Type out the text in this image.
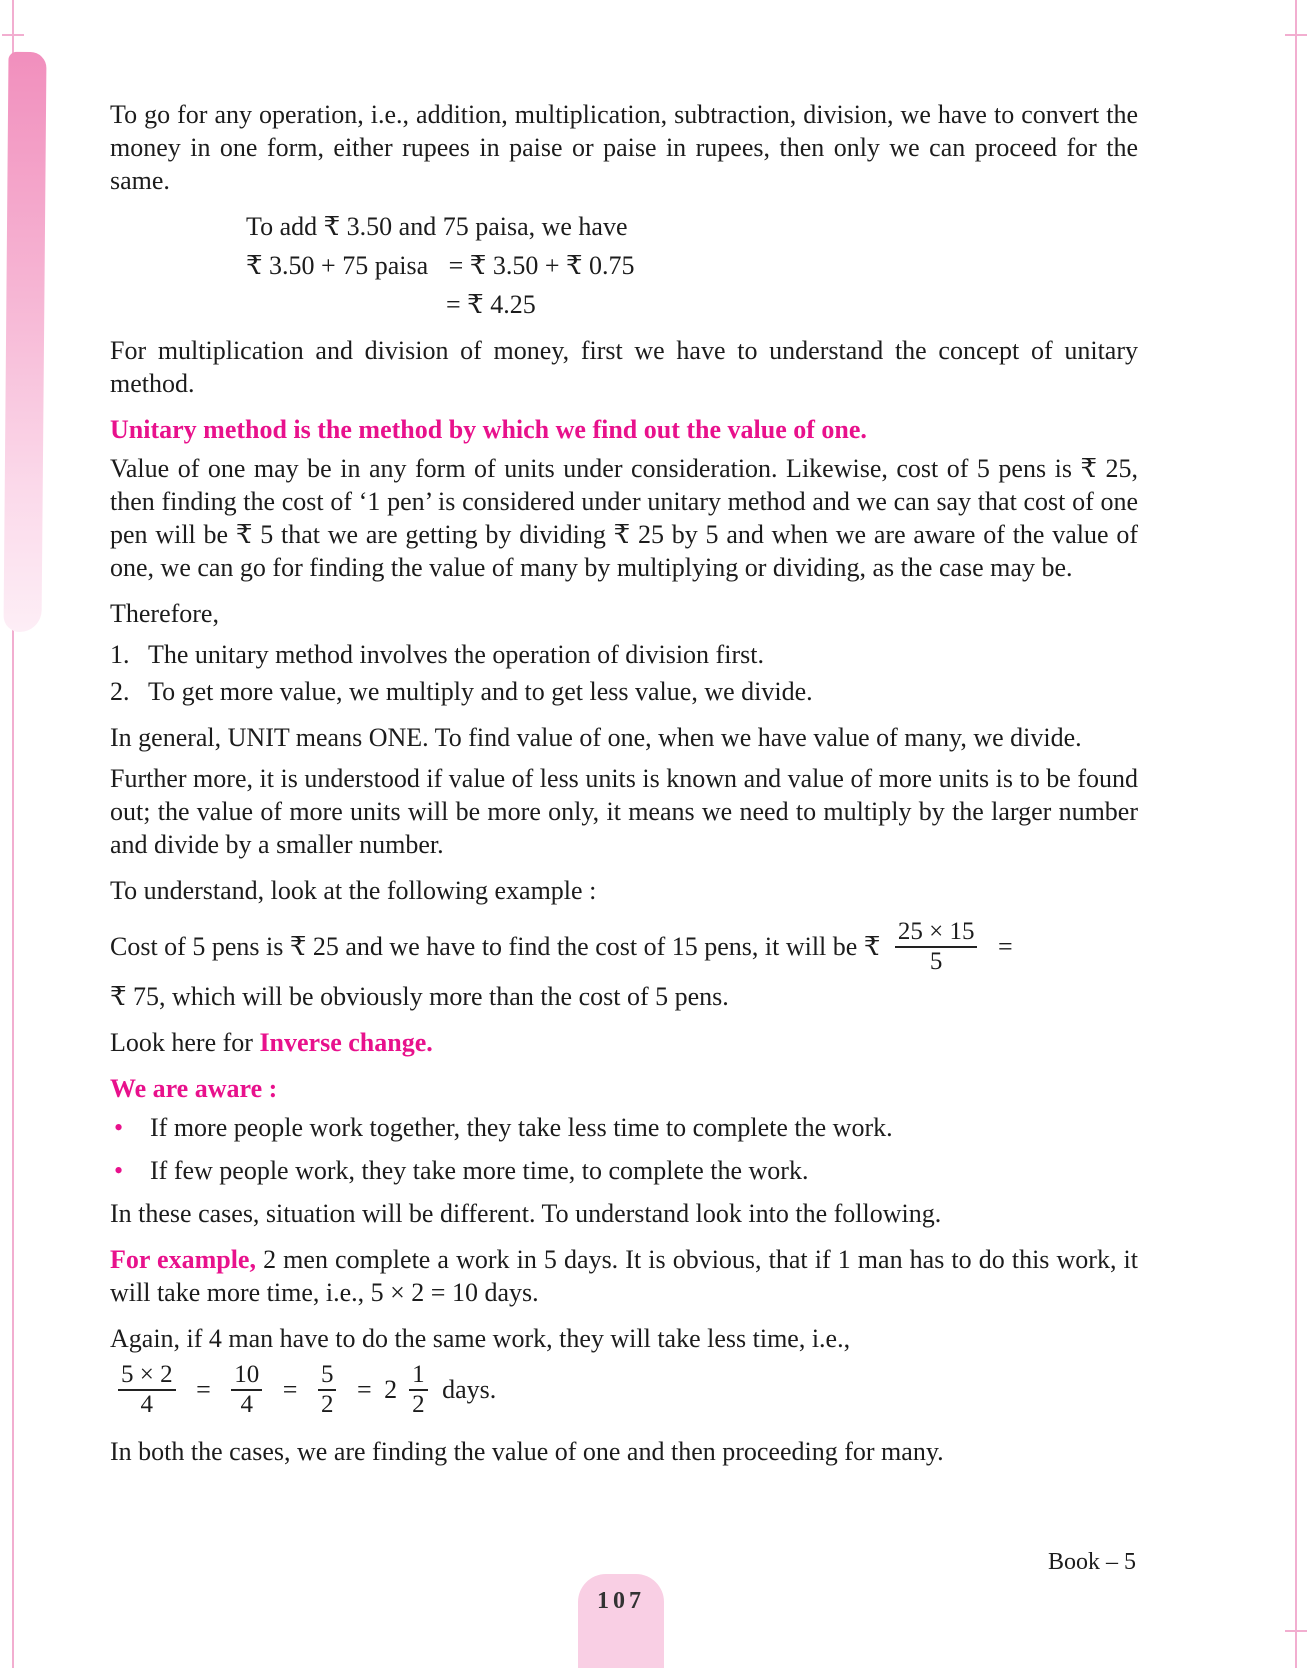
To go for any operation, i.e., addition, multiplication, subtraction, division, we have to convert the money in one form, either rupees in paise or paise in rupees, then only we can proceed for the same.

To add ₹ 3.50 and 75 paisa, we have
₹ 3.50 + 75 paisa = ₹ 3.50 + ₹ 0.75
= ₹ 4.25

For multiplication and division of money, first we have to understand the concept of unitary method.

Unitary method is the method by which we find out the value of one.

Value of one may be in any form of units under consideration. Likewise, cost of 5 pens is ₹ 25, then finding the cost of ‘1 pen’ is considered under unitary method and we can say that cost of one pen will be ₹ 5 that we are getting by dividing ₹ 25 by 5 and when we are aware of the value of one, we can go for finding the value of many by multiplying or dividing, as the case may be.

Therefore,

1. The unitary method involves the operation of division first.
2. To get more value, we multiply and to get less value, we divide.

In general, UNIT means ONE. To find value of one, when we have value of many, we divide.

Further more, it is understood if value of less units is known and value of more units is to be found out; the value of more units will be more only, it means we need to multiply by the larger number and divide by a smaller number.

To understand, look at the following example :

Cost of 5 pens is ₹ 25 and we have to find the cost of 15 pens, it will be ₹ $\frac{25 \times 15}{5}$ =

₹ 75, which will be obviously more than the cost of 5 pens.

Look here for Inverse change.

We are aware :
•	If more people work together, they take less time to complete the work.
•	If few people work, they take more time, to complete the work.

In these cases, situation will be different. To understand look into the following.

For example, 2 men complete a work in 5 days. It is obvious, that if 1 man has to do this work, it will take more time, i.e., 5 × 2 = 10 days.

Again, if 4 man have to do the same work, they will take less time, i.e.,

$\frac{5 \times 2}{4} = \frac{10}{4} = \frac{5}{2} = 2 \frac{1}{2}$ days.

In both the cases, we are finding the value of one and then proceeding for many.

Book – 5
107
